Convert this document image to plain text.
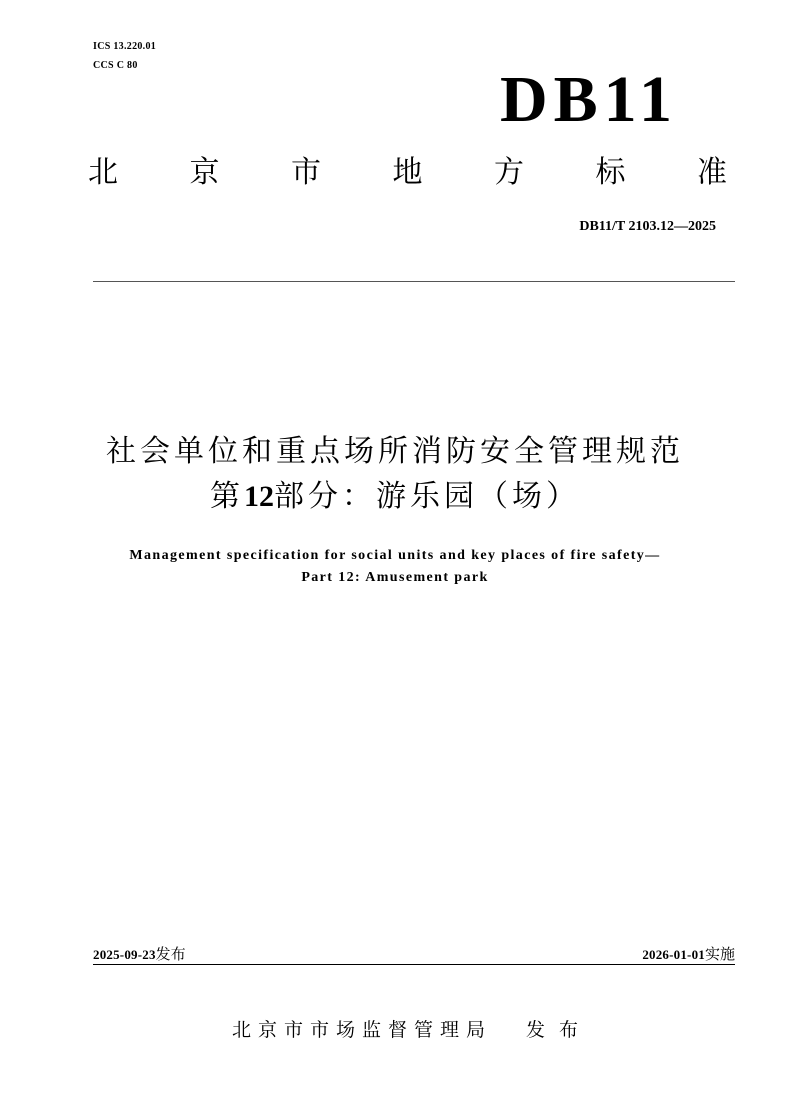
ICS 13.220.01
CCS C 80	DB11
北 京 市 地 方 标 准
DB11/T 2103.12—2025
社会单位和重点场所消防安全管理规范
第12部分：游乐园（场）
Management specification for social units and key places of fire safety—
Part 12: Amusement park
2025-09-23发布	2026-01-01实施
北京市市场监督管理局 发 布
